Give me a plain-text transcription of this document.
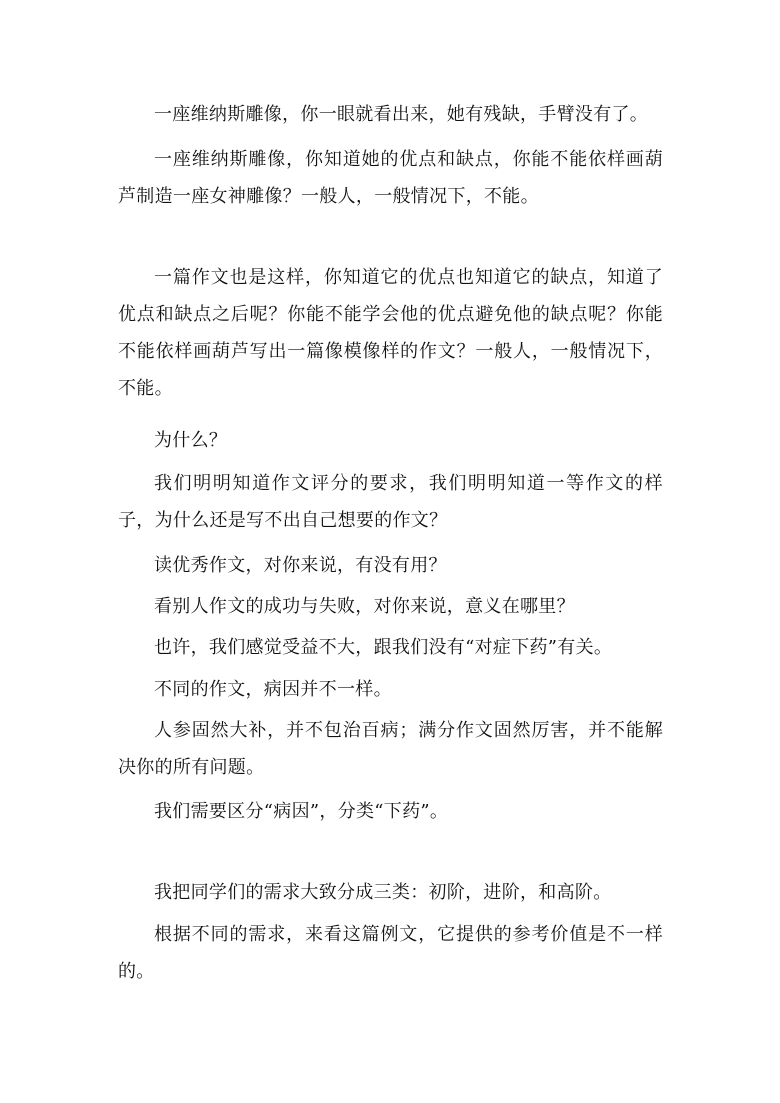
一座维纳斯雕像，你一眼就看出来，她有残缺，手臂没有了。

一座维纳斯雕像，你知道她的优点和缺点，你能不能依样画葫芦制造一座女神雕像？一般人，一般情况下，不能。

一篇作文也是这样，你知道它的优点也知道它的缺点，知道了优点和缺点之后呢？你能不能学会他的优点避免他的缺点呢？你能不能依样画葫芦写出一篇像模像样的作文？一般人，一般情况下，不能。

为什么？

我们明明知道作文评分的要求，我们明明知道一等作文的样子，为什么还是写不出自己想要的作文？

读优秀作文，对你来说，有没有用？

看别人作文的成功与失败，对你来说，意义在哪里？

也许，我们感觉受益不大，跟我们没有“对症下药”有关。

不同的作文，病因并不一样。

人参固然大补，并不包治百病；满分作文固然厉害，并不能解决你的所有问题。

我们需要区分“病因”，分类“下药”。

我把同学们的需求大致分成三类：初阶，进阶，和高阶。

根据不同的需求，来看这篇例文，它提供的参考价值是不一样的。
